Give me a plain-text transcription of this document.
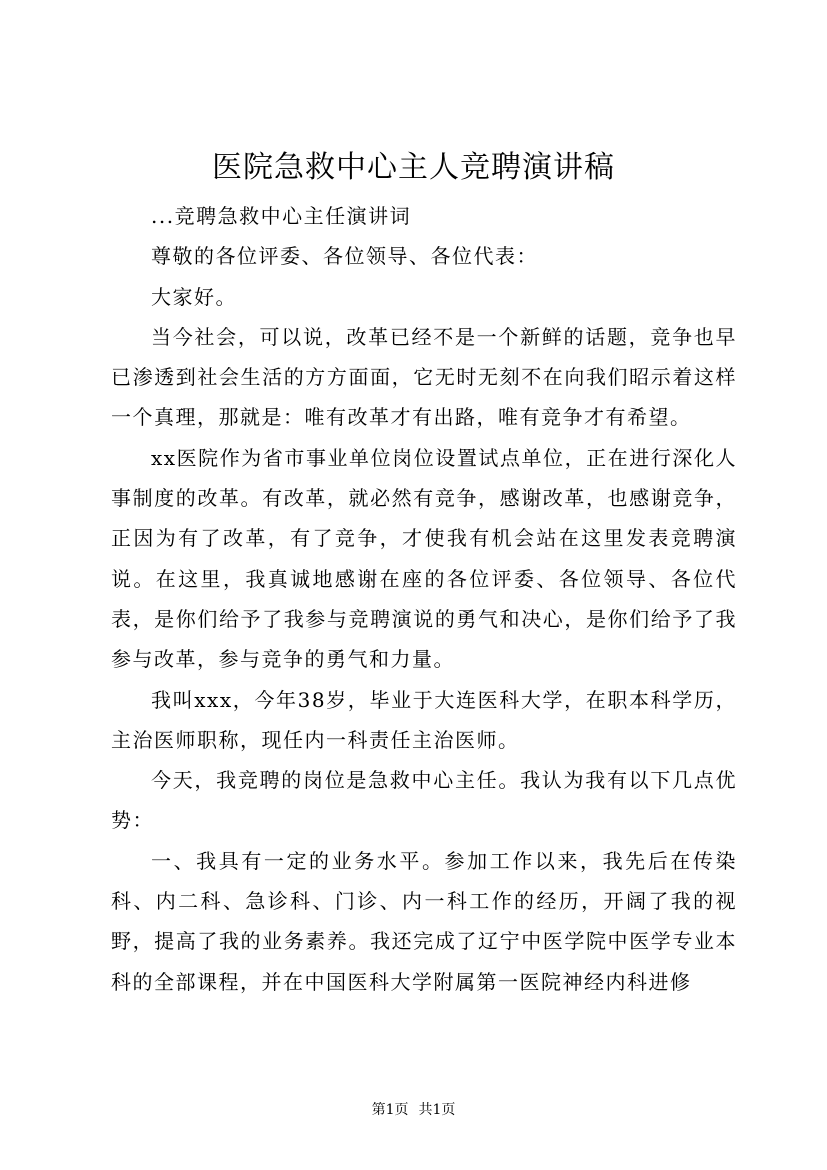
医院急救中心主人竞聘演讲稿

...竞聘急救中心主任演讲词

尊敬的各位评委、各位领导、各位代表：

大家好。

当今社会，可以说，改革已经不是一个新鲜的话题，竞争也早已渗透到社会生活的方方面面，它无时无刻不在向我们昭示着这样一个真理，那就是：唯有改革才有出路，唯有竞争才有希望。

xx医院作为省市事业单位岗位设置试点单位，正在进行深化人事制度的改革。有改革，就必然有竞争，感谢改革，也感谢竞争，正因为有了改革，有了竞争，才使我有机会站在这里发表竞聘演说。在这里，我真诚地感谢在座的各位评委、各位领导、各位代表，是你们给予了我参与竞聘演说的勇气和决心，是你们给予了我参与改革，参与竞争的勇气和力量。

我叫xxx，今年38岁，毕业于大连医科大学，在职本科学历，主治医师职称，现任内一科责任主治医师。

今天，我竞聘的岗位是急救中心主任。我认为我有以下几点优势：

一、我具有一定的业务水平。参加工作以来，我先后在传染科、内二科、急诊科、门诊、内一科工作的经历，开阔了我的视野，提高了我的业务素养。我还完成了辽宁中医学院中医学专业本科的全部课程，并在中国医科大学附属第一医院神经内科进修

第1页 共1页
